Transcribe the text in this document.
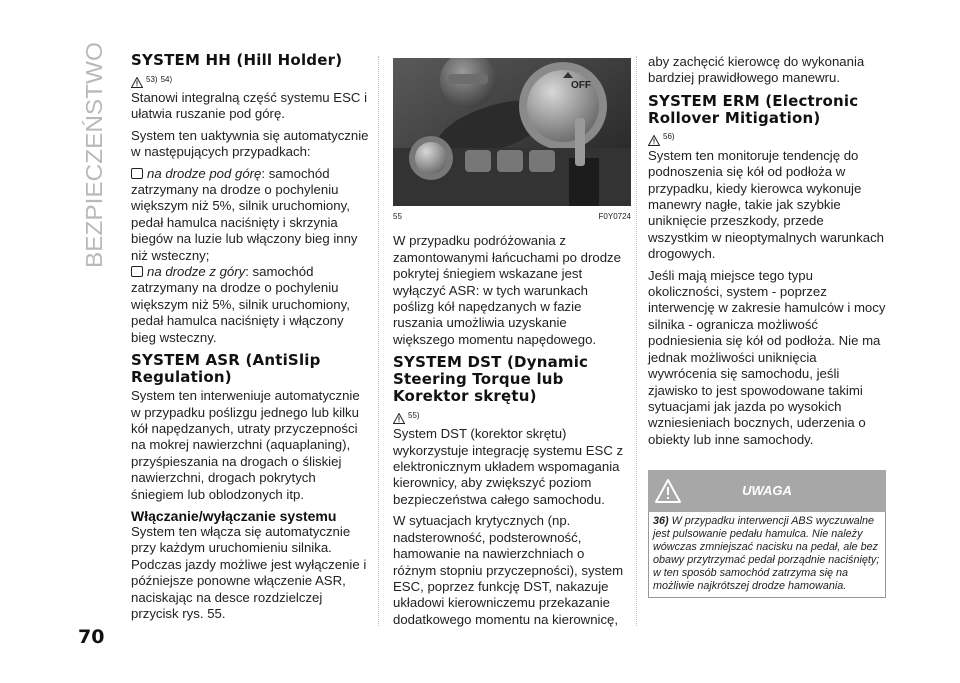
BEZPIECZEŃSTWO
70
SYSTEM HH (Hill Holder)
53) 54)

Stanowi integralną część systemu ESC i ułatwia ruszanie pod górę.

System ten uaktywnia się automatycznie w następujących przypadkach:

na drodze pod górę: samochód zatrzymany na drodze o pochyleniu większym niż 5%, silnik uruchomiony, pedał hamulca naciśnięty i skrzynia biegów na luzie lub włączony bieg inny niż wsteczny;

na drodze z góry: samochód zatrzymany na drodze o pochyleniu większym niż 5%, silnik uruchomiony, pedał hamulca naciśnięty i włączony bieg wsteczny.

SYSTEM ASR (AntiSlip Regulation)

System ten interweniuje automatycznie w przypadku poślizgu jednego lub kilku kół napędzanych, utraty przyczepności na mokrej nawierzchni (aquaplaning), przyśpieszania na drogach o śliskiej nawierzchni, drogach pokrytych śniegiem lub oblodzonych itp.

Włączanie/wyłączanie systemu

System ten włącza się automatycznie przy każdym uruchomieniu silnika. Podczas jazdy możliwe jest wyłączenie i późniejsze ponowne włączenie ASR, naciskając na desce rozdzielczej przycisk rys. 55.

OFF
55	F0Y0724

W przypadku podróżowania z zamontowanymi łańcuchami po drodze pokrytej śniegiem wskazane jest wyłączyć ASR: w tych warunkach poślizg kół napędzanych w fazie ruszania umożliwia uzyskanie większego momentu napędowego.

SYSTEM DST (Dynamic Steering Torque lub Korektor skrętu)
55)

System DST (korektor skrętu) wykorzystuje integrację systemu ESC z elektronicznym układem wspomagania kierownicy, aby zwiększyć poziom bezpieczeństwa całego samochodu.

W sytuacjach krytycznych (np. nadsterowność, podsterowność, hamowanie na nawierzchniach o różnym stopniu przyczepności), system ESC, poprzez funkcję DST, nakazuje układowi kierowniczemu przekazanie dodatkowego momentu na kierownicę,

aby zachęcić kierowcę do wykonania bardziej prawidłowego manewru.

SYSTEM ERM (Electronic Rollover Mitigation)
56)

System ten monitoruje tendencję do podnoszenia się kół od podłoża w przypadku, kiedy kierowca wykonuje manewry nagłe, takie jak szybkie uniknięcie przeszkody, przede wszystkim w nieoptymalnych warunkach drogowych.

Jeśli mają miejsce tego typu okoliczności, system - poprzez interwencję w zakresie hamulców i mocy silnika - ogranicza możliwość podniesienia się kół od podłoża. Nie ma jednak możliwości uniknięcia wywrócenia się samochodu, jeśli zjawisko to jest spowodowane takimi sytuacjami jak jazda po wysokich wzniesieniach bocznych, uderzenia o obiekty lub inne samochody.

UWAGA
36) W przypadku interwencji ABS wyczuwalne jest pulsowanie pedału hamulca. Nie należy wówczas zmniejszać nacisku na pedał, ale bez obawy przytrzymać pedał porządnie naciśnięty; w ten sposób samochód zatrzyma się na możliwie najkrótszej drodze hamowania.
